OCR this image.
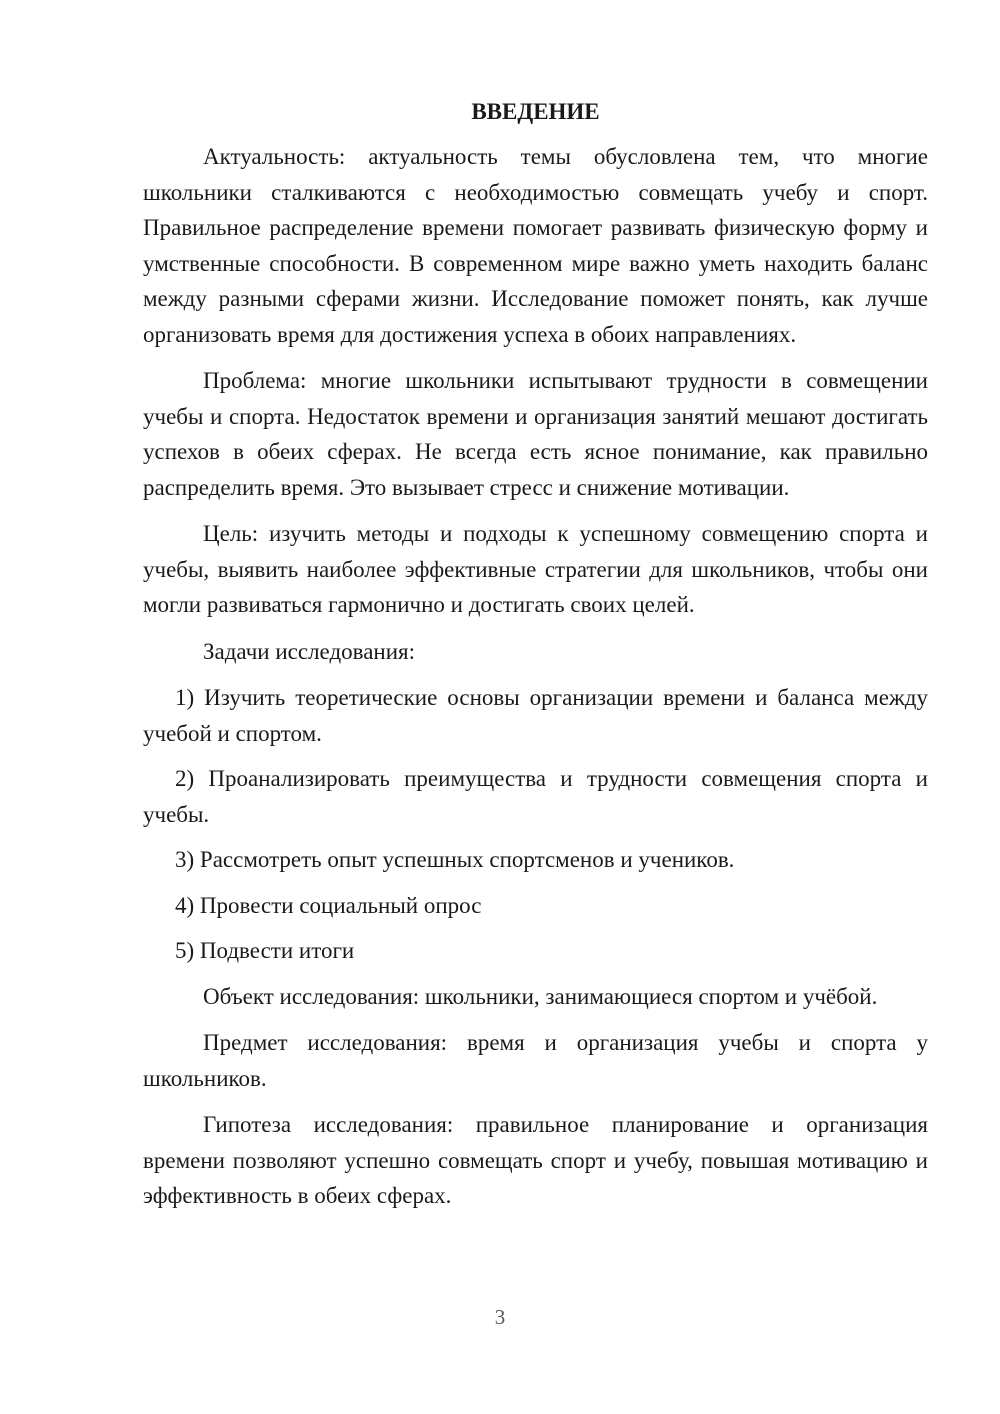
ВВЕДЕНИЕ

Актуальность: актуальность темы обусловлена тем, что многие школьники сталкиваются с необходимостью совмещать учебу и спорт. Правильное распределение времени помогает развивать физическую форму и умственные способности. В современном мире важно уметь находить баланс между разными сферами жизни. Исследование поможет понять, как лучше организовать время для достижения успеха в обоих направлениях.

Проблема: многие школьники испытывают трудности в совмещении учебы и спорта. Недостаток времени и организация занятий мешают достигать успехов в обеих сферах. Не всегда есть ясное понимание, как правильно распределить время. Это вызывает стресс и снижение мотивации.

Цель: изучить методы и подходы к успешному совмещению спорта и учебы, выявить наиболее эффективные стратегии для школьников, чтобы они могли развиваться гармонично и достигать своих целей.

Задачи исследования:

1) Изучить теоретические основы организации времени и баланса между учебой и спортом.

2) Проанализировать преимущества и трудности совмещения спорта и учебы.

3) Рассмотреть опыт успешных спортсменов и учеников.

4) Провести социальный опрос

5) Подвести итоги

Объект исследования: школьники, занимающиеся спортом и учёбой.

Предмет исследования: время и организация учебы и спорта у школьников.

Гипотеза исследования: правильное планирование и организация времени позволяют успешно совмещать спорт и учебу, повышая мотивацию и эффективность в обеих сферах.

3
